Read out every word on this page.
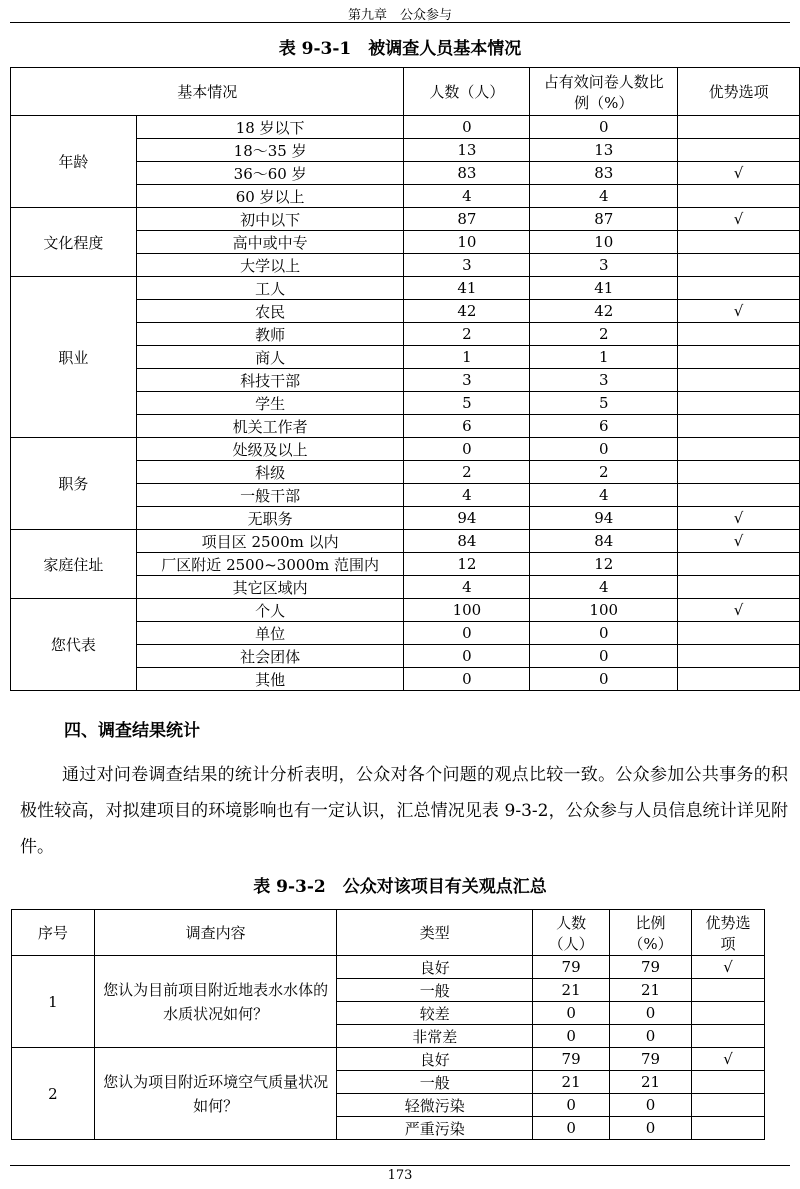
第九章　公众参与
表 9-3-1　被调查人员基本情况
基本情况		人数（人）	占有效问卷人数比例（%）	优势选项
年龄	18 岁以下	0	0	
	18～35 岁	13	13	
	36～60 岁	83	83	√
	60 岁以上	4	4	
文化程度	初中以下	87	87	√
	高中或中专	10	10	
	大学以上	3	3	
职业	工人	41	41	
	农民	42	42	√
	教师	2	2	
	商人	1	1	
	科技干部	3	3	
	学生	5	5	
	机关工作者	6	6	
职务	处级及以上	0	0	
	科级	2	2	
	一般干部	4	4	
	无职务	94	94	√
家庭住址	项目区 2500m 以内	84	84	√
	厂区附近 2500~3000m 范围内	12	12	
	其它区域内	4	4	
您代表	个人	100	100	√
	单位	0	0	
	社会团体	0	0	
	其他	0	0	
四、调查结果统计
通过对问卷调查结果的统计分析表明，公众对各个问题的观点比较一致。公众参加公共事务的积极性较高，对拟建项目的环境影响也有一定认识，汇总情况见表 9-3-2，公众参与人员信息统计详见附件。
表 9-3-2　公众对该项目有关观点汇总
序号	调查内容	类型	人数（人）	比例（%）	优势选项
1	您认为目前项目附近地表水水体的水质状况如何？	良好	79	79	√
		一般	21	21	
		较差	0	0	
		非常差	0	0	
2	您认为项目附近环境空气质量状况如何？	良好	79	79	√
		一般	21	21	
		轻微污染	0	0	
		严重污染	0	0	
173
